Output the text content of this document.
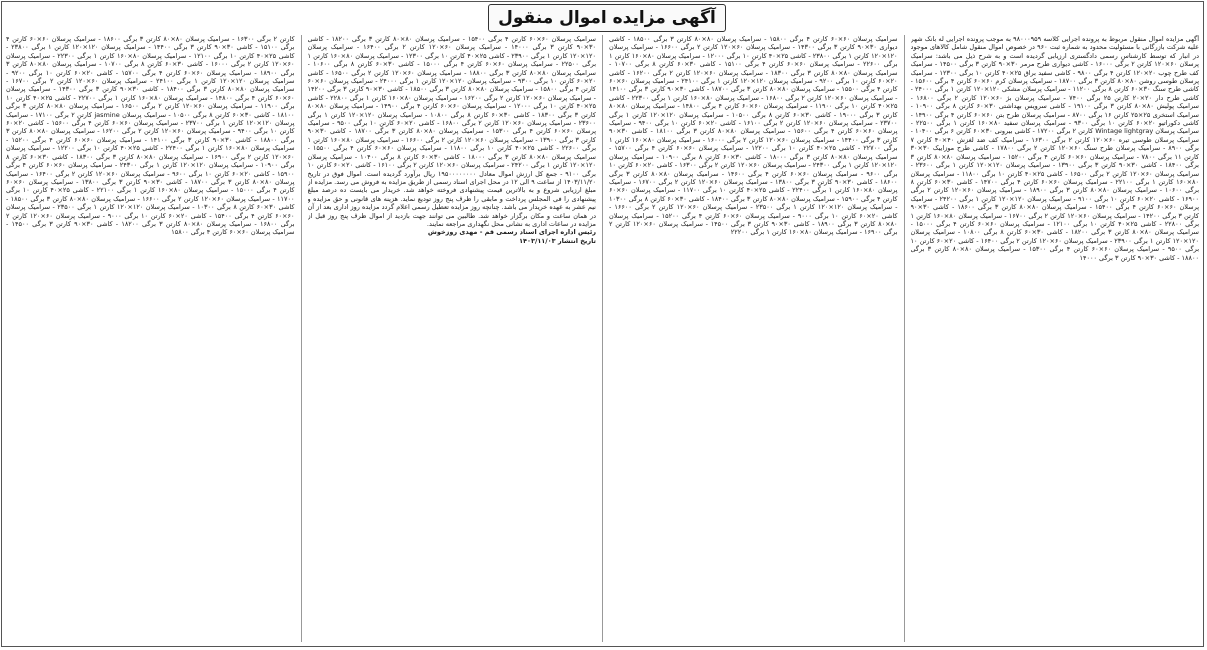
آگهی مزایده اموال منقول
آگهی مزایده اموال منقول مربوط به پرونده اجرایی کلاسه ۹۸۰۰۰۹۵۹ به موجب پرونده اجرایی له بانک شهر علیه شرکت بازرگانی با مسئولیت محدود به شماره ثبت ۹۶۰ در خصوص اموال منقول شامل کالاهای موجود در انبار که توسط کارشناس رسمی دادگستری ارزیابی گردیده است و به شرح ذیل می باشد: سرامیک پرسلان ۶۰×۱۲۰ کارتن ۲ برگی ۱۶۰۰۰ - کاشی دیواری طرح مرمر ۳۰×۹۰ کارتن ۳ برگی ۱۴۵۰۰ - سرامیک کف طرح چوب ۲۰×۱۲۰ کارتن ۴ برگی ۹۸۰۰ - کاشی سفید براق ۲۵×۴۰ کارتن ۱۰ برگی ۱۲۳۰۰ - سرامیک پرسلان طوسی روشن ۸۰×۸۰ کارتن ۳ برگی ۱۸۷۰۰ - سرامیک پرسلان کرم ۶۰×۶۰ کارتن ۴ برگی ۱۵۶۰۰ - کاشی طرح سنگ ۳۰×۶۰ کارتن ۸ برگی ۱۱۲۰۰ - سرامیک پرسلان مشکی ۱۲۰×۱۲۰ کارتن ۱ برگی ۲۴۰۰۰ - کاشی طرح دار ۲۰×۲۰ کارتن ۲۵ برگی ۷۴۰۰ - سرامیک پرسلان بژ ۶۰×۱۲۰ کارتن ۲ برگی ۱۶۸۰۰ - سرامیک پولیش ۸۰×۸۰ کارتن ۳ برگی ۱۹۱۰۰ - کاشی سرویس بهداشتی ۳۰×۶۰ کارتن ۸ برگی ۱۰۹۰۰ - سرامیک استخری ۲۵×۲۵ کارتن ۱۶ برگی ۸۷۰۰ - سرامیک پرسلان طرح بتن ۶۰×۶۰ کارتن ۴ برگی ۱۴۹۰۰ - کاشی دکوراتیو ۲۰×۶۰ کارتن ۱۰ برگی ۹۳۰۰ - سرامیک پرسلان سفید ۸۰×۱۶۰ کارتن ۱ برگی ۲۲۵۰۰ - سرامیک پرسلان Wintage lightgray کارتن ۲ برگی ۱۷۲۰۰ - کاشی بیرونی ۳۰×۶۰ کارتن ۶ برگی ۱۰۴۰۰ - سرامیک پرسلان طوسی تیره ۶۰×۱۲۰ کارتن ۲ برگی ۱۶۳۰۰ - سرامیک کف ضد لغزش ۴۰×۴۰ کارتن ۷ برگی ۸۹۰۰ - سرامیک پرسلان طرح سنگ ۶۰×۱۲۰ کارتن ۲ برگی ۱۷۸۰۰ - کاشی طرح موزاییک ۳۰×۳۰ کارتن ۱۱ برگی ۷۸۰۰ - سرامیک پرسلان ۶۰×۶۰ کارتن ۴ برگی ۱۵۲۰۰ - سرامیک پرسلان ۸۰×۸۰ کارتن ۳ برگی ۱۸۴۰۰ - کاشی ۳۰×۹۰ کارتن ۳ برگی ۱۳۹۰۰ - سرامیک پرسلان ۱۲۰×۱۲۰ کارتن ۱ برگی ۲۳۶۰۰ - سرامیک پرسلان ۶۰×۱۲۰ کارتن ۲ برگی ۱۶۵۰۰ - کاشی ۲۵×۴۰ کارتن ۱۰ برگی ۱۱۸۰۰ - سرامیک پرسلان ۸۰×۱۶۰ کارتن ۱ برگی ۲۲۱۰۰ - سرامیک پرسلان ۶۰×۶۰ کارتن ۴ برگی ۱۴۷۰۰ - کاشی ۳۰×۶۰ کارتن ۸ برگی ۱۰۶۰۰ - سرامیک پرسلان ۸۰×۸۰ کارتن ۳ برگی ۱۸۹۰۰ - سرامیک پرسلان ۶۰×۱۲۰ کارتن ۲ برگی ۱۶۹۰۰ - کاشی ۲۰×۶۰ کارتن ۱۰ برگی ۹۱۰۰ - سرامیک پرسلان ۱۲۰×۱۲۰ کارتن ۱ برگی ۲۴۲۰۰ - سرامیک پرسلان ۶۰×۶۰ کارتن ۴ برگی ۱۵۴۰۰ - سرامیک پرسلان ۸۰×۸۰ کارتن ۳ برگی ۱۸۶۰۰ - کاشی ۳۰×۹۰ کارتن ۳ برگی ۱۴۲۰۰ - سرامیک پرسلان ۶۰×۱۲۰ کارتن ۲ برگی ۱۶۷۰۰ - سرامیک پرسلان ۸۰×۱۶۰ کارتن ۱ برگی ۲۲۸۰۰ - کاشی ۲۵×۴۰ کارتن ۱۰ برگی ۱۲۱۰۰ - سرامیک پرسلان ۶۰×۶۰ کارتن ۴ برگی ۱۵۰۰۰ - سرامیک پرسلان ۸۰×۸۰ کارتن ۳ برگی ۱۸۲۰۰ - کاشی ۳۰×۶۰ کارتن ۸ برگی ۱۰۸۰۰ - سرامیک پرسلان ۱۲۰×۱۲۰ کارتن ۱ برگی ۲۳۹۰۰ - سرامیک پرسلان ۶۰×۱۲۰ کارتن ۲ برگی ۱۶۴۰۰ - کاشی ۲۰×۶۰ کارتن ۱۰ برگی ۹۵۰۰ - سرامیک پرسلان ۶۰×۶۰ کارتن ۴ برگی ۱۵۳۰۰ - سرامیک پرسلان ۸۰×۸۰ کارتن ۳ برگی ۱۸۸۰۰ - کاشی ۳۰×۹۰ کارتن ۳ برگی ۱۴۰۰۰
سرامیک پرسلان ۶۰×۶۰ کارتن ۴ برگی ۱۵۸۰۰ - سرامیک پرسلان ۸۰×۸۰ کارتن ۳ برگی ۱۸۵۰۰ - کاشی دیواری ۳۰×۹۰ کارتن ۳ برگی ۱۴۳۰۰ - سرامیک پرسلان ۶۰×۱۲۰ کارتن ۲ برگی ۱۶۶۰۰ - سرامیک پرسلان ۱۲۰×۱۲۰ کارتن ۱ برگی ۲۳۸۰۰ - کاشی ۲۵×۴۰ کارتن ۱۰ برگی ۱۲۰۰۰ - سرامیک پرسلان ۸۰×۱۶۰ کارتن ۱ برگی ۲۲۶۰۰ - سرامیک پرسلان ۶۰×۶۰ کارتن ۴ برگی ۱۵۱۰۰ - کاشی ۳۰×۶۰ کارتن ۸ برگی ۱۰۷۰۰ - سرامیک پرسلان ۸۰×۸۰ کارتن ۳ برگی ۱۸۳۰۰ - سرامیک پرسلان ۶۰×۱۲۰ کارتن ۲ برگی ۱۶۲۰۰ - کاشی ۲۰×۶۰ کارتن ۱۰ برگی ۹۲۰۰ - سرامیک پرسلان ۱۲۰×۱۲۰ کارتن ۱ برگی ۲۴۱۰۰ - سرامیک پرسلان ۶۰×۶۰ کارتن ۴ برگی ۱۵۵۰۰ - سرامیک پرسلان ۸۰×۸۰ کارتن ۳ برگی ۱۸۷۰۰ - کاشی ۳۰×۹۰ کارتن ۳ برگی ۱۴۱۰۰ - سرامیک پرسلان ۶۰×۱۲۰ کارتن ۲ برگی ۱۶۸۰۰ - سرامیک پرسلان ۸۰×۱۶۰ کارتن ۱ برگی ۲۲۳۰۰ - کاشی ۲۵×۴۰ کارتن ۱۰ برگی ۱۱۹۰۰ - سرامیک پرسلان ۶۰×۶۰ کارتن ۴ برگی ۱۴۸۰۰ - سرامیک پرسلان ۸۰×۸۰ کارتن ۳ برگی ۱۹۰۰۰ - کاشی ۳۰×۶۰ کارتن ۸ برگی ۱۰۵۰۰ - سرامیک پرسلان ۱۲۰×۱۲۰ کارتن ۱ برگی ۲۳۷۰۰ - سرامیک پرسلان ۶۰×۱۲۰ کارتن ۲ برگی ۱۶۱۰۰ - کاشی ۲۰×۶۰ کارتن ۱۰ برگی ۹۴۰۰ - سرامیک پرسلان ۶۰×۶۰ کارتن ۴ برگی ۱۵۶۰۰ - سرامیک پرسلان ۸۰×۸۰ کارتن ۳ برگی ۱۸۱۰۰ - کاشی ۳۰×۹۰ کارتن ۳ برگی ۱۴۴۰۰ - سرامیک پرسلان ۶۰×۱۲۰ کارتن ۲ برگی ۱۶۰۰۰ - سرامیک پرسلان ۸۰×۱۶۰ کارتن ۱ برگی ۲۲۷۰۰ - کاشی ۲۵×۴۰ کارتن ۱۰ برگی ۱۲۲۰۰ - سرامیک پرسلان ۶۰×۶۰ کارتن ۴ برگی ۱۵۷۰۰ - سرامیک پرسلان ۸۰×۸۰ کارتن ۳ برگی ۱۸۰۰۰ - کاشی ۳۰×۶۰ کارتن ۸ برگی ۱۰۹۰۰ - سرامیک پرسلان ۱۲۰×۱۲۰ کارتن ۱ برگی ۲۴۳۰۰ - سرامیک پرسلان ۶۰×۱۲۰ کارتن ۲ برگی ۱۶۳۰۰ - کاشی ۲۰×۶۰ کارتن ۱۰ برگی ۹۶۰۰ - سرامیک پرسلان ۶۰×۶۰ کارتن ۴ برگی ۱۴۶۰۰ - سرامیک پرسلان ۸۰×۸۰ کارتن ۳ برگی ۱۸۶۰۰ - کاشی ۳۰×۹۰ کارتن ۳ برگی ۱۳۸۰۰ - سرامیک پرسلان ۶۰×۱۲۰ کارتن ۲ برگی ۱۶۷۰۰ - سرامیک پرسلان ۸۰×۱۶۰ کارتن ۱ برگی ۲۲۴۰۰ - کاشی ۲۵×۴۰ کارتن ۱۰ برگی ۱۱۷۰۰ - سرامیک پرسلان ۶۰×۶۰ کارتن ۴ برگی ۱۵۹۰۰ - سرامیک پرسلان ۸۰×۸۰ کارتن ۳ برگی ۱۸۴۰۰ - کاشی ۳۰×۶۰ کارتن ۸ برگی ۱۰۳۰۰ - سرامیک پرسلان ۱۲۰×۱۲۰ کارتن ۱ برگی ۲۳۵۰۰ - سرامیک پرسلان ۶۰×۱۲۰ کارتن ۲ برگی ۱۶۶۰۰ - کاشی ۲۰×۶۰ کارتن ۱۰ برگی ۹۰۰۰ - سرامیک پرسلان ۶۰×۶۰ کارتن ۴ برگی ۱۵۲۰۰ - سرامیک پرسلان ۸۰×۸۰ کارتن ۳ برگی ۱۸۹۰۰ - کاشی ۳۰×۹۰ کارتن ۳ برگی ۱۴۵۰۰ - سرامیک پرسلان ۶۰×۱۲۰ کارتن ۲ برگی ۱۶۹۰۰ - سرامیک پرسلان ۸۰×۱۶۰ کارتن ۱ برگی ۲۲۲۰۰
سرامیک پرسلان ۶۰×۶۰ کارتن ۴ برگی ۱۵۴۰۰ - سرامیک پرسلان ۸۰×۸۰ کارتن ۳ برگی ۱۸۲۰۰ - کاشی ۳۰×۹۰ کارتن ۳ برگی ۱۴۰۰۰ - سرامیک پرسلان ۶۰×۱۲۰ کارتن ۲ برگی ۱۶۴۰۰ - سرامیک پرسلان ۱۲۰×۱۲۰ کارتن ۱ برگی ۲۳۹۰۰ - کاشی ۲۵×۴۰ کارتن ۱۰ برگی ۱۲۳۰۰ - سرامیک پرسلان ۸۰×۱۶۰ کارتن ۱ برگی ۲۲۵۰۰ - سرامیک پرسلان ۶۰×۶۰ کارتن ۴ برگی ۱۵۰۰۰ - کاشی ۳۰×۶۰ کارتن ۸ برگی ۱۰۶۰۰ - سرامیک پرسلان ۸۰×۸۰ کارتن ۳ برگی ۱۸۸۰۰ - سرامیک پرسلان ۶۰×۱۲۰ کارتن ۲ برگی ۱۶۵۰۰ - کاشی ۲۰×۶۰ کارتن ۱۰ برگی ۹۳۰۰ - سرامیک پرسلان ۱۲۰×۱۲۰ کارتن ۱ برگی ۲۴۰۰۰ - سرامیک پرسلان ۶۰×۶۰ کارتن ۴ برگی ۱۵۸۰۰ - سرامیک پرسلان ۸۰×۸۰ کارتن ۳ برگی ۱۸۵۰۰ - کاشی ۳۰×۹۰ کارتن ۳ برگی ۱۴۲۰۰ - سرامیک پرسلان ۶۰×۱۲۰ کارتن ۲ برگی ۱۶۲۰۰ - سرامیک پرسلان ۸۰×۱۶۰ کارتن ۱ برگی ۲۲۸۰۰ - کاشی ۲۵×۴۰ کارتن ۱۰ برگی ۱۲۰۰۰ - سرامیک پرسلان ۶۰×۶۰ کارتن ۴ برگی ۱۴۹۰۰ - سرامیک پرسلان ۸۰×۸۰ کارتن ۳ برگی ۱۸۳۰۰ - کاشی ۳۰×۶۰ کارتن ۸ برگی ۱۰۸۰۰ - سرامیک پرسلان ۱۲۰×۱۲۰ کارتن ۱ برگی ۲۳۶۰۰ - سرامیک پرسلان ۶۰×۱۲۰ کارتن ۲ برگی ۱۶۸۰۰ - کاشی ۲۰×۶۰ کارتن ۱۰ برگی ۹۵۰۰ - سرامیک پرسلان ۶۰×۶۰ کارتن ۴ برگی ۱۵۳۰۰ - سرامیک پرسلان ۸۰×۸۰ کارتن ۳ برگی ۱۸۷۰۰ - کاشی ۳۰×۹۰ کارتن ۳ برگی ۱۳۹۰۰ - سرامیک پرسلان ۶۰×۱۲۰ کارتن ۲ برگی ۱۶۶۰۰ - سرامیک پرسلان ۸۰×۱۶۰ کارتن ۱ برگی ۲۲۶۰۰ - کاشی ۲۵×۴۰ کارتن ۱۰ برگی ۱۱۸۰۰ - سرامیک پرسلان ۶۰×۶۰ کارتن ۴ برگی ۱۵۵۰۰ - سرامیک پرسلان ۸۰×۸۰ کارتن ۳ برگی ۱۸۰۰۰ - کاشی ۳۰×۶۰ کارتن ۸ برگی ۱۰۴۰۰ - سرامیک پرسلان ۱۲۰×۱۲۰ کارتن ۱ برگی ۲۴۲۰۰ - سرامیک پرسلان ۶۰×۱۲۰ کارتن ۲ برگی ۱۶۱۰۰ - کاشی ۲۰×۶۰ کارتن ۱۰ برگی ۹۱۰۰ - جمع کل ارزش اموال معادل ۱۹۵۰۰۰۰۰۰۰۰ ریال برآورد گردیده است. اموال فوق در تاریخ ۱۴۰۳/۱۱/۲۰ از ساعت ۹ الی ۱۲ در محل اجرای اسناد رسمی از طریق مزایده به فروش می رسد. مزایده از مبلغ ارزیابی شروع و به بالاترین قیمت پیشنهادی فروخته خواهد شد. خریدار می بایست ده درصد مبلغ پیشنهادی را فی المجلس پرداخت و مابقی را ظرف پنج روز تودیع نماید. هزینه های قانونی و حق مزایده و نیم عشر به عهده خریدار می باشد. چنانچه روز مزایده تعطیل رسمی اعلام گردد مزایده روز اداری بعد از آن در همان ساعت و مکان برگزار خواهد شد. طالبین می توانند جهت بازدید از اموال ظرف پنج روز قبل از مزایده در ساعات اداری به نشانی محل نگهداری مراجعه نمایند.
رئیس اداره اجرای اسناد رسمی قم - مهدی روزخوش
تاریخ انتشار ۱۴۰۳/۱۱/۰۳
کارتن ۲ برگی ۱۶۳۰۰ - سرامیک پرسلان ۸۰×۸۰ کارتن ۳ برگی ۱۸۶۰۰ - سرامیک پرسلان ۶۰×۶۰ کارتن ۴ برگی ۱۵۱۰۰ - کاشی ۳۰×۹۰ کارتن ۳ برگی ۱۴۴۰۰ - سرامیک پرسلان ۱۲۰×۱۲۰ کارتن ۱ برگی ۲۳۸۰۰ - کاشی ۲۵×۴۰ کارتن ۱۰ برگی ۱۲۱۰۰ - سرامیک پرسلان ۸۰×۱۶۰ کارتن ۱ برگی ۲۲۳۰۰ - سرامیک پرسلان ۶۰×۱۲۰ کارتن ۲ برگی ۱۶۰۰۰ - کاشی ۳۰×۶۰ کارتن ۸ برگی ۱۰۷۰۰ - سرامیک پرسلان ۸۰×۸۰ کارتن ۳ برگی ۱۸۹۰۰ - سرامیک پرسلان ۶۰×۶۰ کارتن ۴ برگی ۱۵۷۰۰ - کاشی ۲۰×۶۰ کارتن ۱۰ برگی ۹۲۰۰ - سرامیک پرسلان ۱۲۰×۱۲۰ کارتن ۱ برگی ۲۴۱۰۰ - سرامیک پرسلان ۶۰×۱۲۰ کارتن ۲ برگی ۱۶۷۰۰ - سرامیک پرسلان ۸۰×۸۰ کارتن ۳ برگی ۱۸۴۰۰ - کاشی ۳۰×۹۰ کارتن ۳ برگی ۱۴۳۰۰ - سرامیک پرسلان ۶۰×۶۰ کارتن ۴ برگی ۱۴۸۰۰ - سرامیک پرسلان ۸۰×۱۶۰ کارتن ۱ برگی ۲۲۷۰۰ - کاشی ۲۵×۴۰ کارتن ۱۰ برگی ۱۱۹۰۰ - سرامیک پرسلان ۶۰×۱۲۰ کارتن ۲ برگی ۱۶۵۰۰ - سرامیک پرسلان ۸۰×۸۰ کارتن ۳ برگی ۱۸۱۰۰ - کاشی ۳۰×۶۰ کارتن ۸ برگی ۱۰۵۰۰ - سرامیک پرسلان jasmine کارتن ۲ برگی ۱۷۱۰۰ - سرامیک پرسلان ۱۲۰×۱۲۰ کارتن ۱ برگی ۲۳۷۰۰ - سرامیک پرسلان ۶۰×۶۰ کارتن ۴ برگی ۱۵۶۰۰ - کاشی ۲۰×۶۰ کارتن ۱۰ برگی ۹۴۰۰ - سرامیک پرسلان ۶۰×۱۲۰ کارتن ۲ برگی ۱۶۲۰۰ - سرامیک پرسلان ۸۰×۸۰ کارتن ۳ برگی ۱۸۸۰۰ - کاشی ۳۰×۹۰ کارتن ۳ برگی ۱۴۱۰۰ - سرامیک پرسلان ۶۰×۶۰ کارتن ۴ برگی ۱۵۲۰۰ - سرامیک پرسلان ۸۰×۱۶۰ کارتن ۱ برگی ۲۲۴۰۰ - کاشی ۲۵×۴۰ کارتن ۱۰ برگی ۱۲۲۰۰ - سرامیک پرسلان ۶۰×۱۲۰ کارتن ۲ برگی ۱۶۹۰۰ - سرامیک پرسلان ۸۰×۸۰ کارتن ۳ برگی ۱۸۳۰۰ - کاشی ۳۰×۶۰ کارتن ۸ برگی ۱۰۹۰۰ - سرامیک پرسلان ۱۲۰×۱۲۰ کارتن ۱ برگی ۲۴۳۰۰ - سرامیک پرسلان ۶۰×۶۰ کارتن ۴ برگی ۱۵۹۰۰ - کاشی ۲۰×۶۰ کارتن ۱۰ برگی ۹۶۰۰ - سرامیک پرسلان ۶۰×۱۲۰ کارتن ۲ برگی ۱۶۴۰۰ - سرامیک پرسلان ۸۰×۸۰ کارتن ۳ برگی ۱۸۷۰۰ - کاشی ۳۰×۹۰ کارتن ۳ برگی ۱۳۸۰۰ - سرامیک پرسلان ۶۰×۶۰ کارتن ۴ برگی ۱۵۰۰۰ - سرامیک پرسلان ۸۰×۱۶۰ کارتن ۱ برگی ۲۲۱۰۰ - کاشی ۲۵×۴۰ کارتن ۱۰ برگی ۱۱۷۰۰ - سرامیک پرسلان ۶۰×۱۲۰ کارتن ۲ برگی ۱۶۶۰۰ - سرامیک پرسلان ۸۰×۸۰ کارتن ۳ برگی ۱۸۵۰۰ - کاشی ۳۰×۶۰ کارتن ۸ برگی ۱۰۳۰۰ - سرامیک پرسلان ۱۲۰×۱۲۰ کارتن ۱ برگی ۲۳۵۰۰ - سرامیک پرسلان ۶۰×۶۰ کارتن ۴ برگی ۱۵۴۰۰ - کاشی ۲۰×۶۰ کارتن ۱۰ برگی ۹۰۰۰ - سرامیک پرسلان ۶۰×۱۲۰ کارتن ۲ برگی ۱۶۸۰۰ - سرامیک پرسلان ۸۰×۸۰ کارتن ۳ برگی ۱۸۲۰۰ - کاشی ۳۰×۹۰ کارتن ۳ برگی ۱۴۵۰۰ - سرامیک پرسلان ۶۰×۶۰ کارتن ۴ برگی ۱۵۸۰۰
